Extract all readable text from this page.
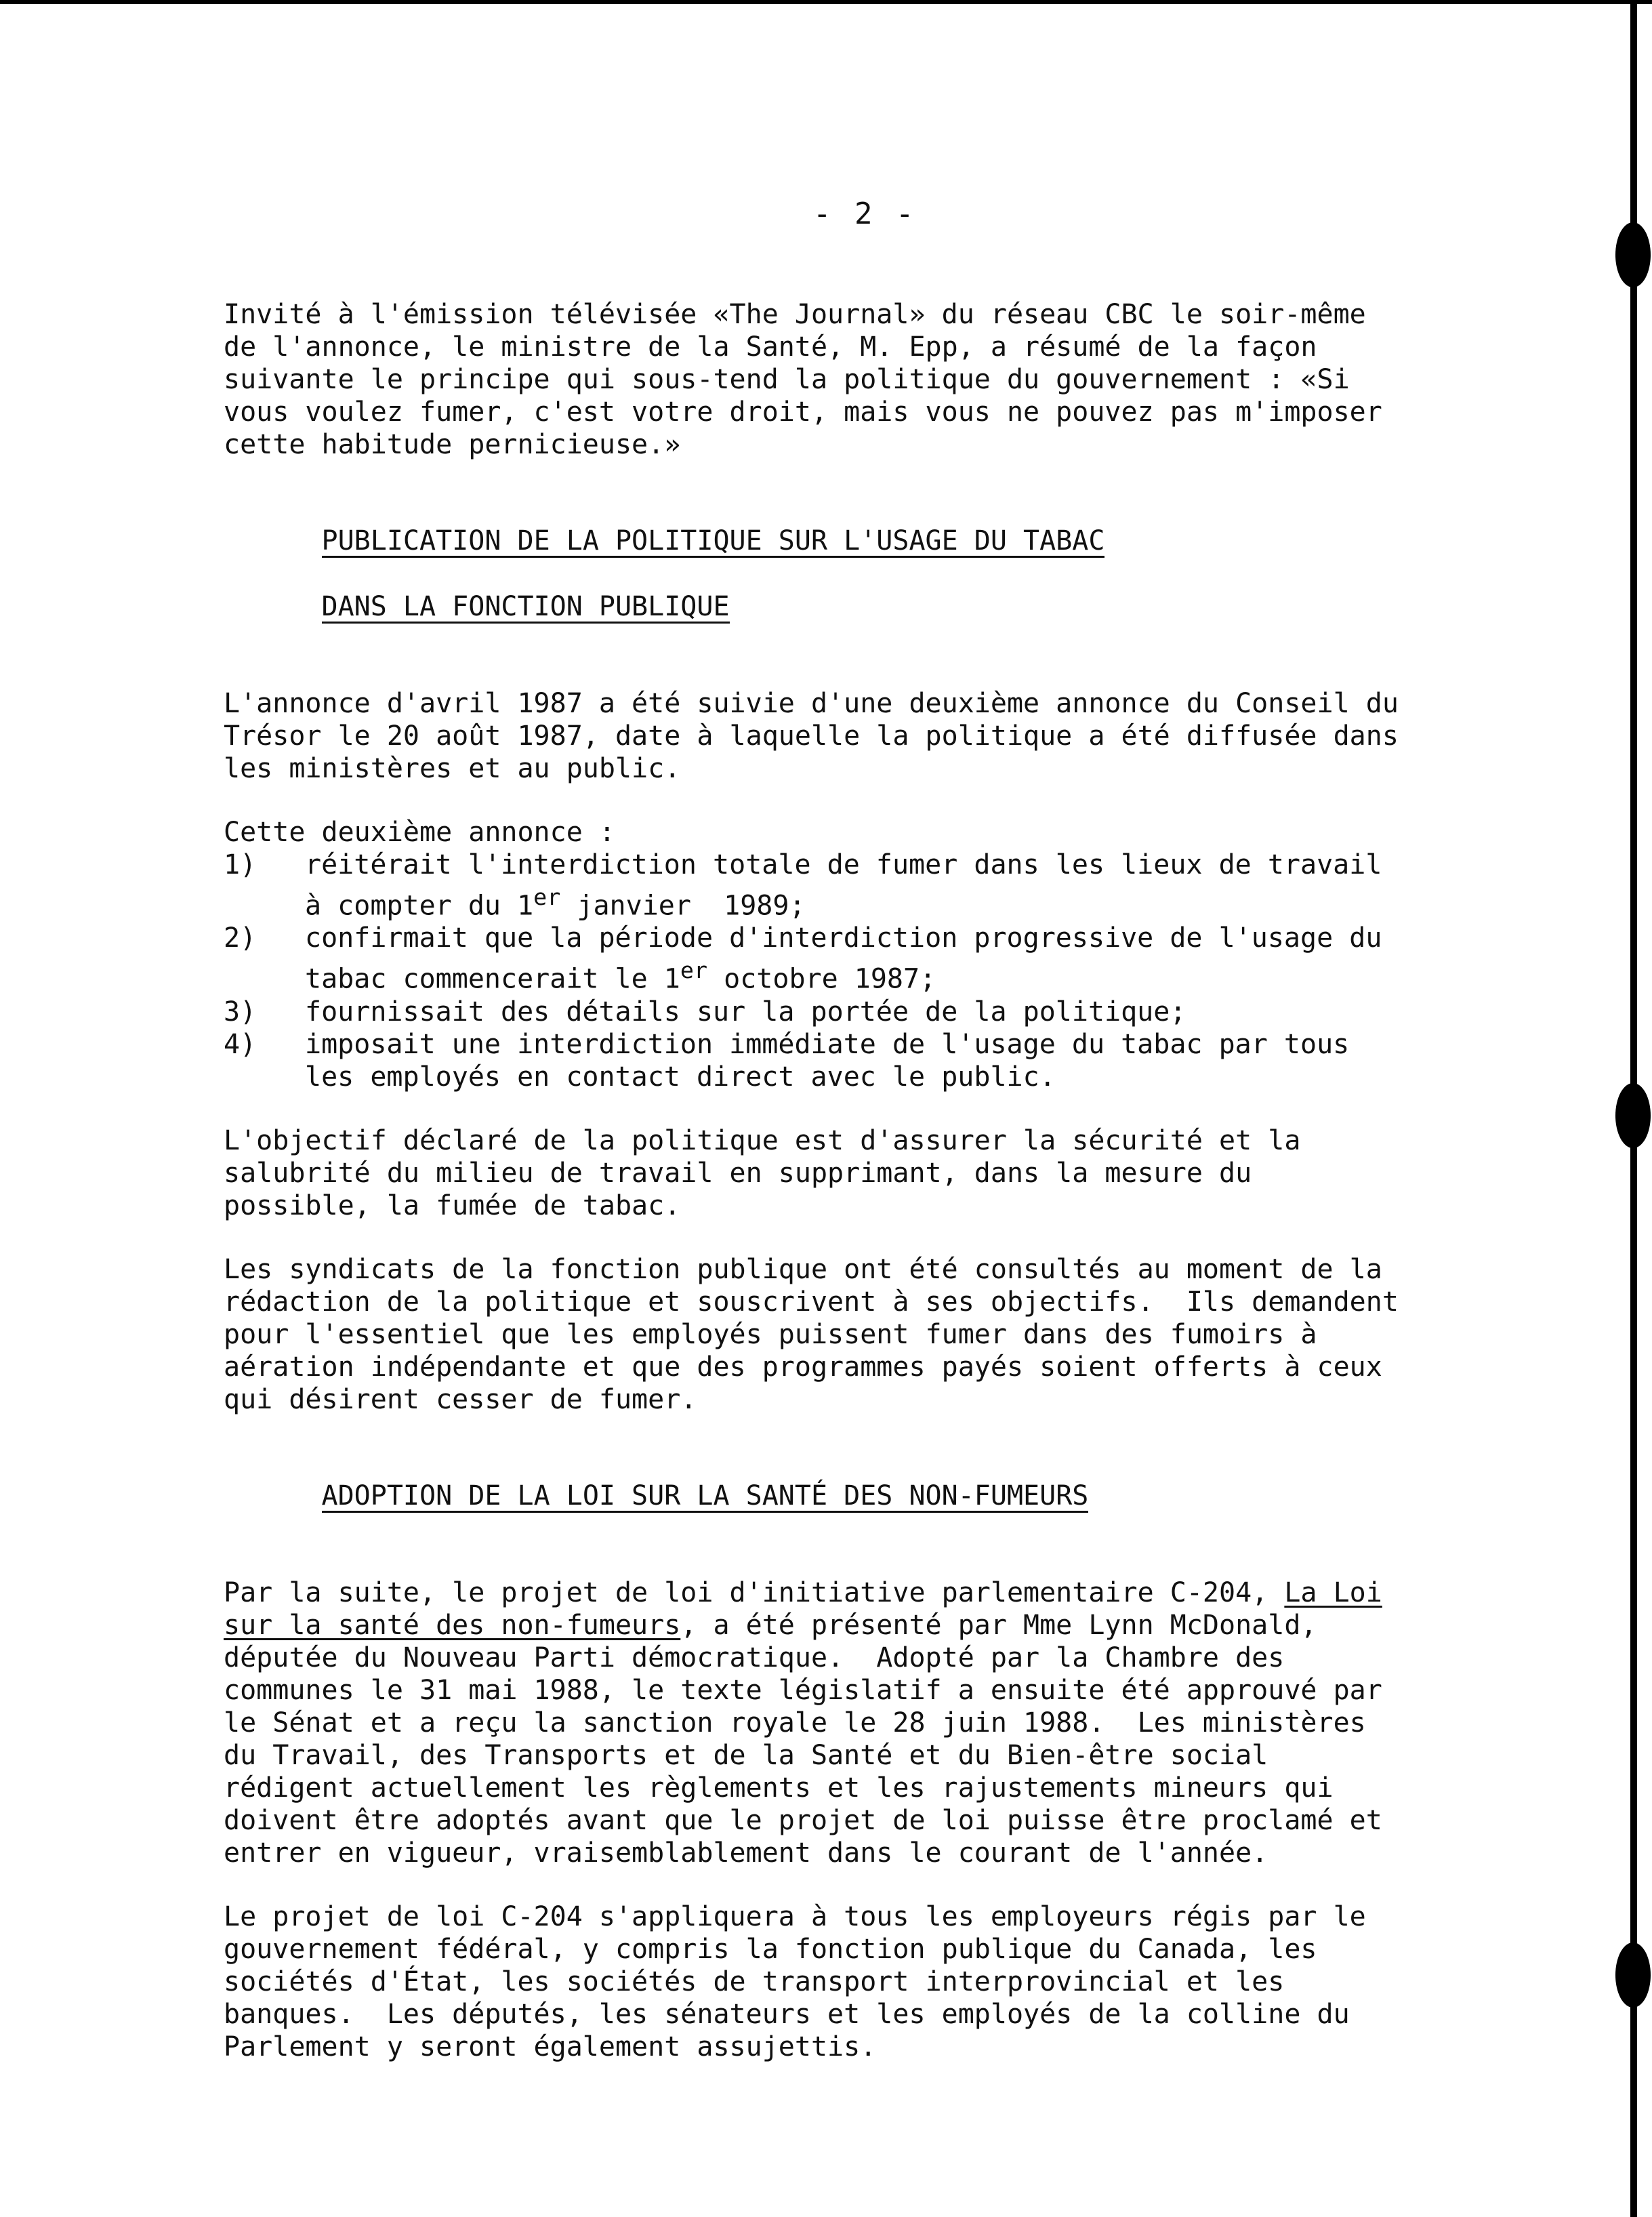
- 2 -

Invité à l'émission télévisée «The Journal» du réseau CBC le soir-même
de l'annonce, le ministre de la Santé, M. Epp, a résumé de la façon
suivante le principe qui sous-tend la politique du gouvernement : «Si
vous voulez fumer, c'est votre droit, mais vous ne pouvez pas m'imposer
cette habitude pernicieuse.»

PUBLICATION DE LA POLITIQUE SUR L'USAGE DU TABAC

DANS LA FONCTION PUBLIQUE

L'annonce d'avril 1987 a été suivie d'une deuxième annonce du Conseil du
Trésor le 20 août 1987, date à laquelle la politique a été diffusée dans
les ministères et au public.

Cette deuxième annonce :
1)	réitérait l'interdiction totale de fumer dans les lieux de travail
à compter du 1er janvier  1989;
2)	confirmait que la période d'interdiction progressive de l'usage du
tabac commencerait le 1er octobre 1987;
3)	fournissait des détails sur la portée de la politique;
4)	imposait une interdiction immédiate de l'usage du tabac par tous
les employés en contact direct avec le public.

L'objectif déclaré de la politique est d'assurer la sécurité et la
salubrité du milieu de travail en supprimant, dans la mesure du
possible, la fumée de tabac.

Les syndicats de la fonction publique ont été consultés au moment de la
rédaction de la politique et souscrivent à ses objectifs.  Ils demandent
pour l'essentiel que les employés puissent fumer dans des fumoirs à
aération indépendante et que des programmes payés soient offerts à ceux
qui désirent cesser de fumer.

ADOPTION DE LA LOI SUR LA SANTÉ DES NON-FUMEURS

Par la suite, le projet de loi d'initiative parlementaire C-204, La Loi
sur la santé des non-fumeurs, a été présenté par Mme Lynn McDonald,
députée du Nouveau Parti démocratique.  Adopté par la Chambre des
communes le 31 mai 1988, le texte législatif a ensuite été approuvé par
le Sénat et a reçu la sanction royale le 28 juin 1988.  Les ministères
du Travail, des Transports et de la Santé et du Bien-être social
rédigent actuellement les règlements et les rajustements mineurs qui
doivent être adoptés avant que le projet de loi puisse être proclamé et
entrer en vigueur, vraisemblablement dans le courant de l'année.

Le projet de loi C-204 s'appliquera à tous les employeurs régis par le
gouvernement fédéral, y compris la fonction publique du Canada, les
sociétés d'État, les sociétés de transport interprovincial et les
banques.  Les députés, les sénateurs et les employés de la colline du
Parlement y seront également assujettis.
